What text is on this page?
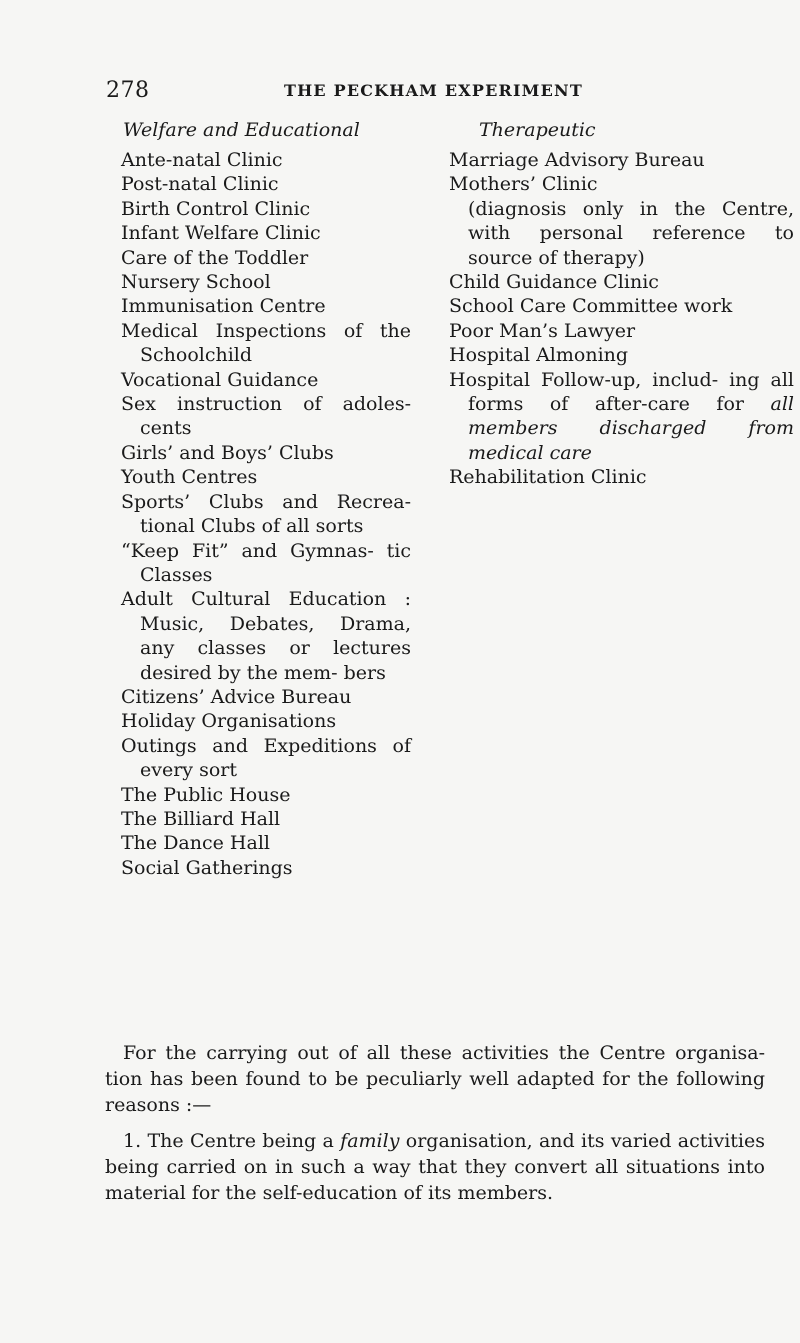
278	THE PECKHAM EXPERIMENT
Welfare and Educational
Ante-natal Clinic
Post-natal Clinic
Birth Control Clinic
Infant Welfare Clinic
Care of the Toddler
Nursery School
Immunisation Centre
Medical Inspections of the Schoolchild
Vocational Guidance
Sex instruction of adoles- cents
Girls’ and Boys’ Clubs
Youth Centres
Sports’ Clubs and Recrea- tional Clubs of all sorts
“Keep Fit” and Gymnas- tic Classes
Adult Cultural Education : Music, Debates, Drama, any classes or lectures desired by the mem- bers
Citizens’ Advice Bureau
Holiday Organisations
Outings and Expeditions of every sort
The Public House
The Billiard Hall
The Dance Hall
Social Gatherings
Therapeutic
Marriage Advisory Bureau
Mothers’ Clinic
(diagnosis only in the Centre, with personal reference to source of therapy)
Child Guidance Clinic
School Care Committee work
Poor Man’s Lawyer
Hospital Almoning
Hospital Follow-up, includ- ing all forms of after-care for all members discharged from medical care
Rehabilitation Clinic

For the carrying out of all these activities the Centre organisa- tion has been found to be peculiarly well adapted for the following reasons :—

1. The Centre being a family organisation, and its varied activities being carried on in such a way that they convert all situations into material for the self-education of its members.
